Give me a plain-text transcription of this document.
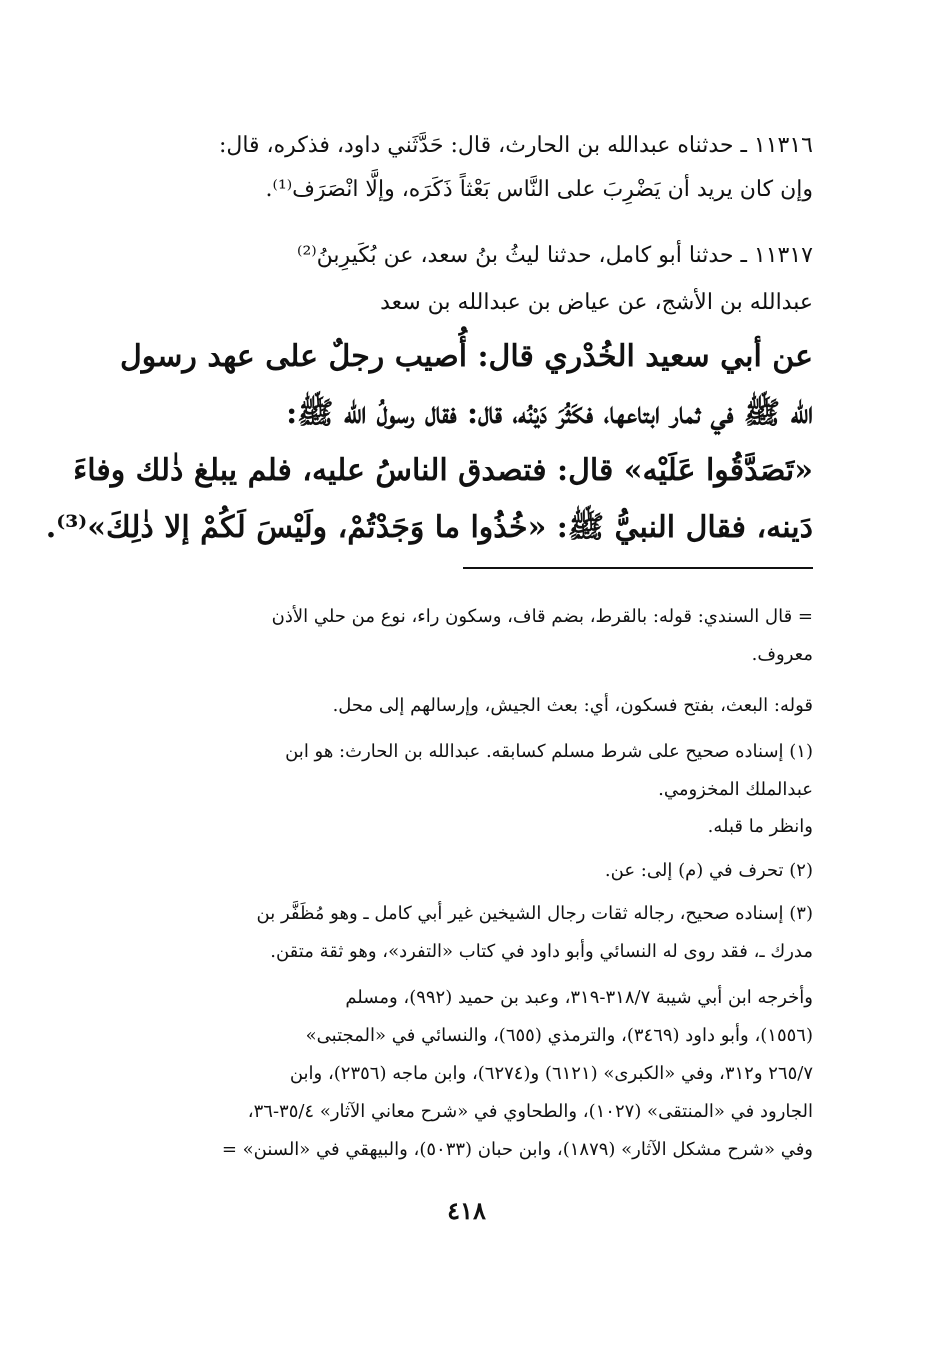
١١٣١٦ ـ حدثناه عبدالله بن الحارث، قال: حَدَّثَني داود، فذكره، قال:
وإن كان يريد أن يَضْرِبَ على النَّاس بَعْثاً ذَكَرَه، وإلَّا انْصَرَف⁽¹⁾.

١١٣١٧ ـ حدثنا أبو كامل، حدثنا ليثُ بنُ سعد، عن بُكَيرِبنُ⁽²⁾
عبدالله بن الأشج، عن عياض بن عبدالله بن سعد

عن أبي سعيد الخُدْري قال: أُصيب رجلٌ على عهد رسول
الله ﷺ في ثمار ابتاعها، فكَثُرَ دَيْنُه، قال: فقال رسولُ الله ﷺ:
«تَصَدَّقُوا عَلَيْه» قال: فتصدق الناسُ عليه، فلم يبلغ ذٰلك وفاءَ
دَينه، فقال النبيُّ ﷺ: «خُذُوا ما وَجَدْتُمْ، ولَيْسَ لَكُمْ إلا ذٰلِكَ»⁽³⁾.

= قال السندي: قوله: بالقرط، بضم قاف، وسكون راء، نوع من حلي الأذن
معروف.

قوله: البعث، بفتح فسكون، أي: بعث الجيش، وإرسالهم إلى محل.

(١) إسناده صحيح على شرط مسلم كسابقه. عبدالله بن الحارث: هو ابن
عبدالملك المخزومي.

وانظر ما قبله.

(٢) تحرف في (م) إلى: عن.

(٣) إسناده صحيح، رجاله ثقات رجال الشيخين غير أبي كامل ـ وهو مُظَفَّر بن
مدرك ـ، فقد روى له النسائي وأبو داود في كتاب «التفرد»، وهو ثقة متقن.

وأخرجه ابن أبي شيبة ٣١٨/٧-٣١٩، وعبد بن حميد (٩٩٢)، ومسلم
(١٥٥٦)، وأبو داود (٣٤٦٩)، والترمذي (٦٥٥)، والنسائي في «المجتبى»
٢٦٥/٧ و٣١٢، وفي «الكبرى» (٦١٢١) و(٦٢٧٤)، وابن ماجه (٢٣٥٦)، وابن
الجارود في «المنتقى» (١٠٢٧)، والطحاوي في «شرح معاني الآثار» ٣٥/٤-٣٦،
وفي «شرح مشكل الآثار» (١٨٧٩)، وابن حبان (٥٠٣٣)، والبيهقي في «السنن» =

٤١٨
